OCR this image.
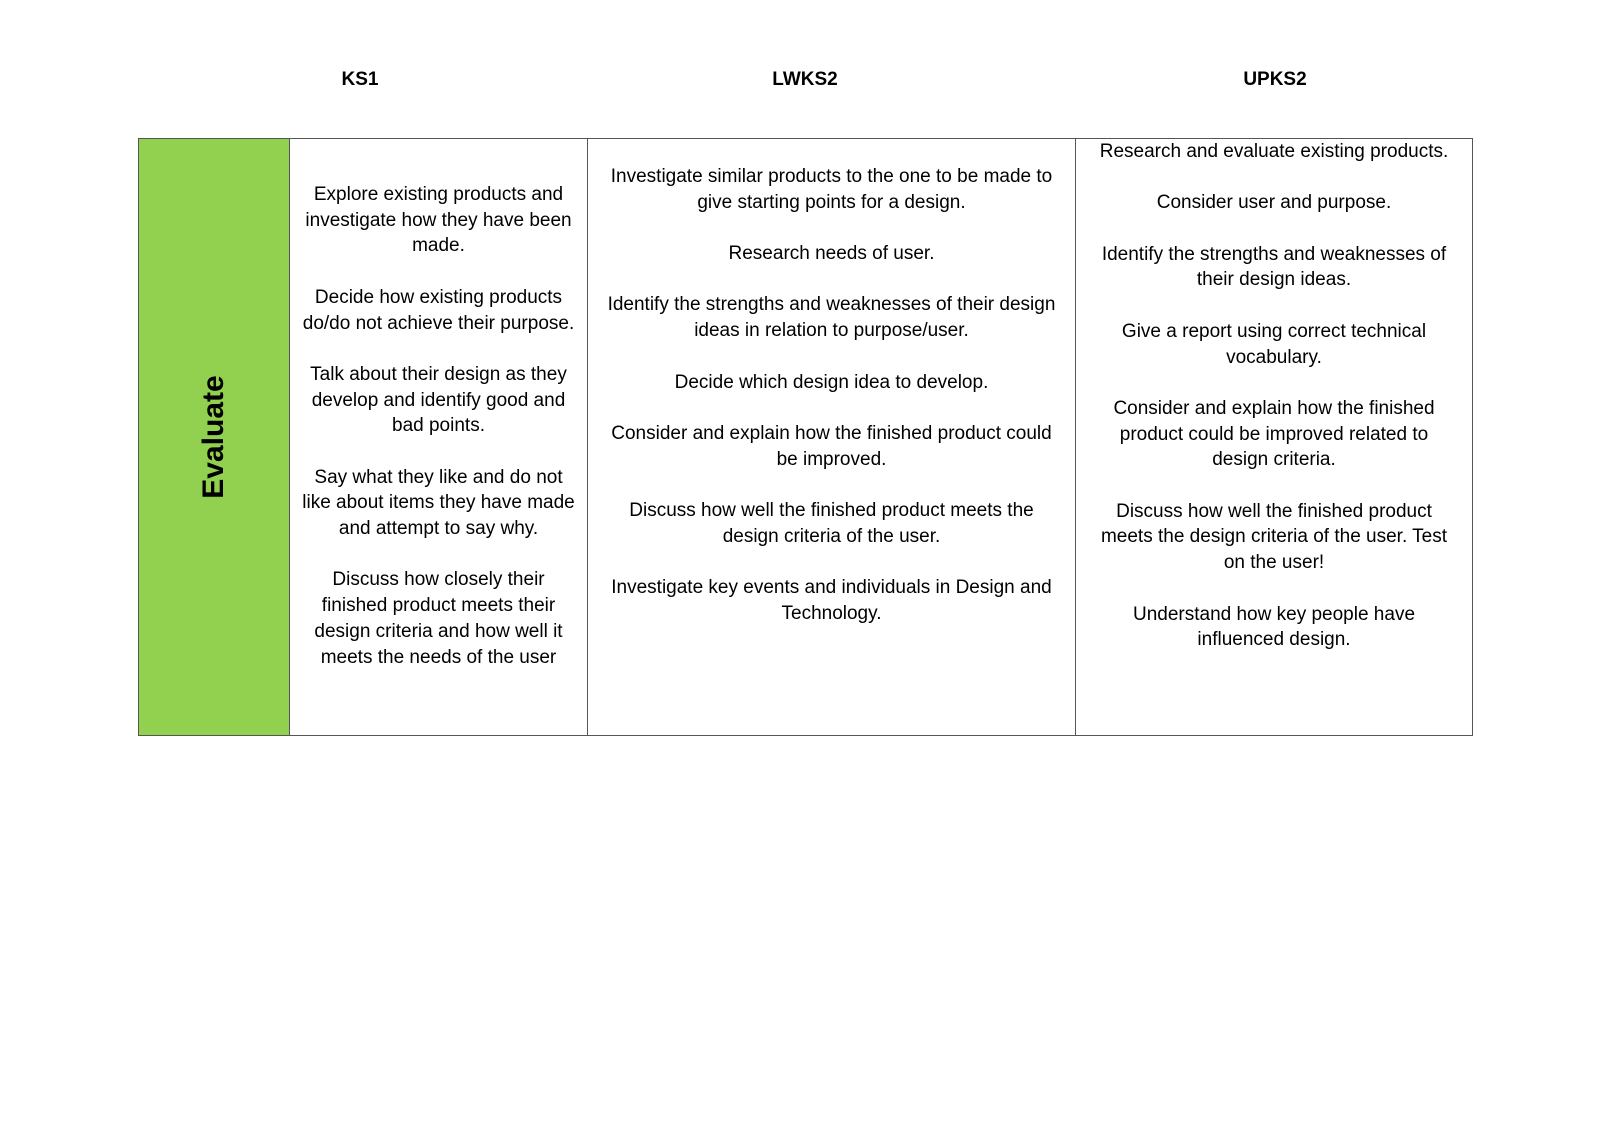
KS1	LWKS2	UPKS2
Evaluate

Explore existing products and investigate how they have been made.

Decide how existing products do/do not achieve their purpose.

Talk about their design as they develop and identify good and bad points.

Say what they like and do not like about items they have made and attempt to say why.

Discuss how closely their finished product meets their design criteria and how well it meets the needs of the user

Investigate similar products to the one to be made to give starting points for a design.

Research needs of user.

Identify the strengths and weaknesses of their design ideas in relation to purpose/user.

Decide which design idea to develop.

Consider and explain how the finished product could be improved.

Discuss how well the finished product meets the design criteria of the user.

Investigate key events and individuals in Design and Technology.

Research and evaluate existing products.

Consider user and purpose.

Identify the strengths and weaknesses of their design ideas.

Give a report using correct technical vocabulary.

Consider and explain how the finished product could be improved related to design criteria.

Discuss how well the finished product meets the design criteria of the user. Test on the user!

Understand how key people have influenced design.
